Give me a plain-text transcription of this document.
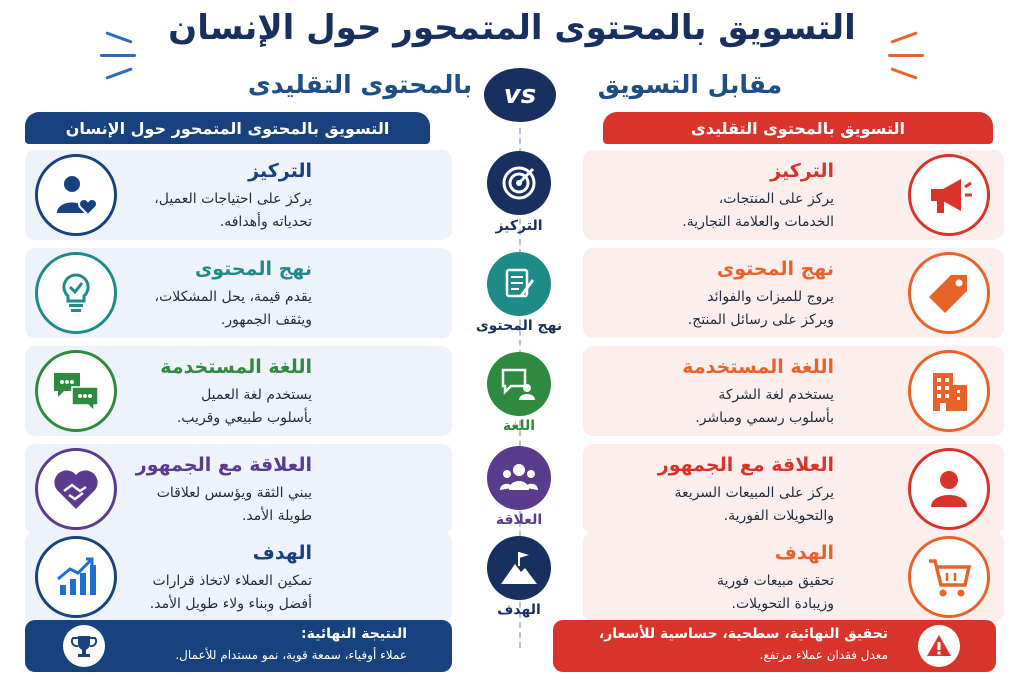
التسويق بالمحتوى المتمحور حول الإنسان
بالمحتوى التقليدى	مقابل التسويق
vs
التسويق بالمحتوى المتمحور حول الإنسان	التسويق بالمحتوى التقليدى
التركيز
يركز على احتياجات العميل،
تحدياته وأهدافه.
التركيز
يركز على المنتجات،
الخدمات والعلامة التجارية.
التركيز
نهج المحتوى
يقدم قيمة، يحل المشكلات،
ويثقف الجمهور.
نهج المحتوى
يروج للميزات والفوائد
ويركز على رسائل المنتج.
نهج المحتوى
اللغة المستخدمة
يستخدم لغة العميل
بأسلوب طبيعي وقريب.
اللغة المستخدمة
يستخدم لغة الشركة
بأسلوب رسمي ومباشر.
اللغة
العلاقة مع الجمهور
يبني الثقة ويؤسس لعلاقات
طويلة الأمد.
العلاقة مع الجمهور
يركز على المبيعات السريعة
والتحويلات الفورية.
العلاقة
الهدف
تمكين العملاء لاتخاذ قرارات
أفضل وبناء ولاء طويل الأمد.
الهدف
تحقيق مبيعات فورية
وزيبادة التحويلات.
الهدف
النتيجة النهائية:
عملاء أوفياء، سمعة قوية، نمو مستدام للأعمال.
تحقيق النهائية، سطحية، حساسية للأسعار،
معدل فقدان عملاء مرتفع.
